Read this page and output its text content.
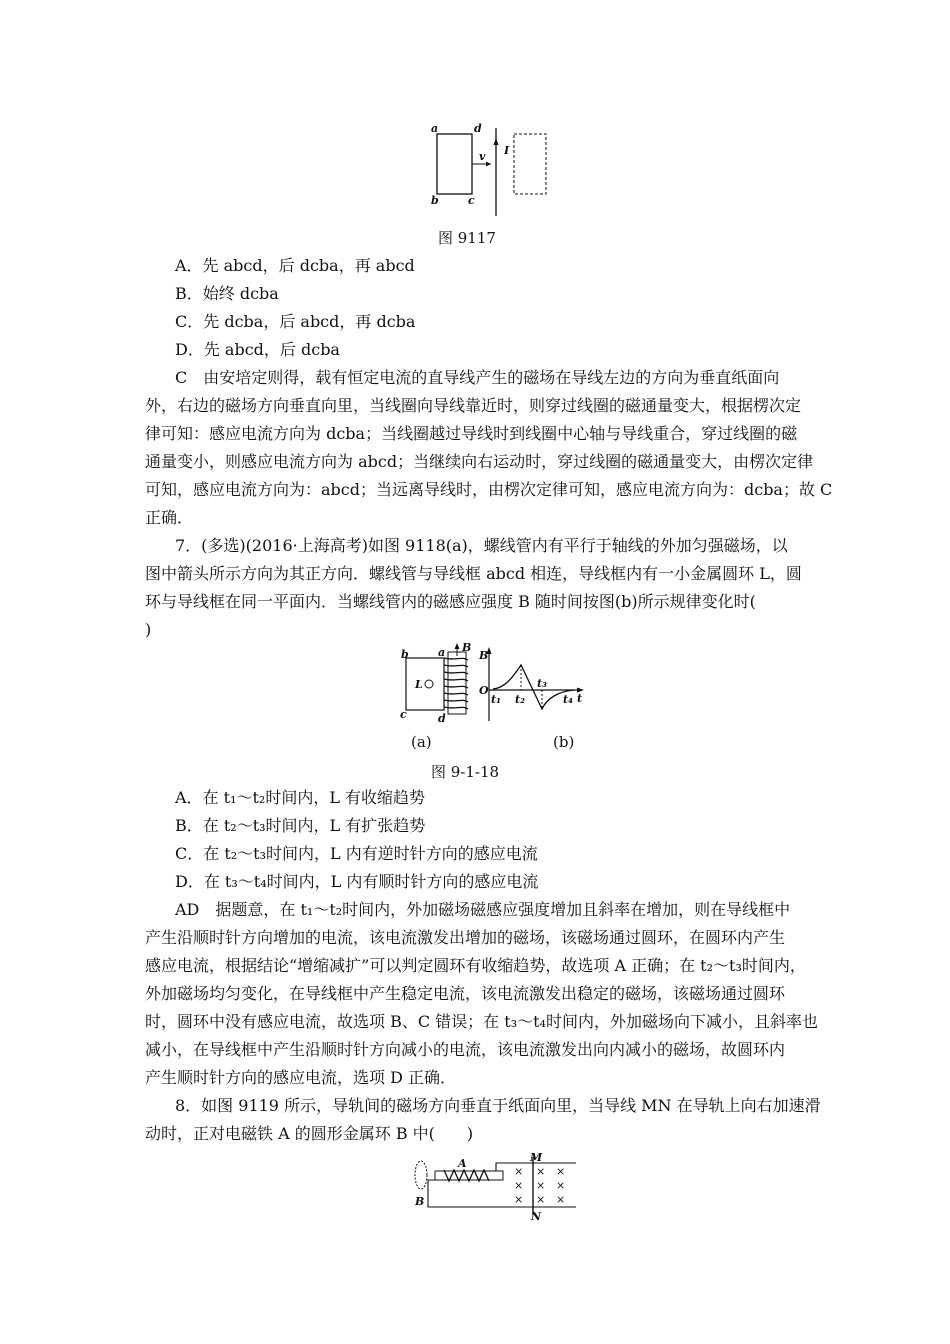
a	d
b	c
v I
图 9117
A．先 abcd，后 dcba，再 abcd
B．始终 dcba
C．先 dcba，后 abcd，再 dcba
D．先 abcd，后 dcba
C　由安培定则得，载有恒定电流的直导线产生的磁场在导线左边的方向为垂直纸面向
外，右边的磁场方向垂直向里，当线圈向导线靠近时，则穿过线圈的磁通量变大，根据楞次定
律可知：感应电流方向为 dcba；当线圈越过导线时到线圈中心轴与导线重合，穿过线圈的磁
通量变小，则感应电流方向为 abcd；当继续向右运动时，穿过线圈的磁通量变大，由楞次定律
可知，感应电流方向为：abcd；当远离导线时，由楞次定律可知，感应电流方向为：dcba；故 C
正确．
7．(多选)(2016·上海高考)如图 9118(a)，螺线管内有平行于轴线的外加匀强磁场，以
图中箭头所示方向为其正方向．螺线管与导线框 abcd 相连，导线框内有一小金属圆环 L，圆
环与导线框在同一平面内．当螺线管内的磁感应强度 B 随时间按图(b)所示规律变化时(
)
L
b	a
c	d
B
B
t
O
t₁ t₂
t₃
t₄
(a)	(b)
图 9-1-18
A．在 t₁～t₂时间内，L 有收缩趋势
B．在 t₂～t₃时间内，L 有扩张趋势
C．在 t₂～t₃时间内，L 内有逆时针方向的感应电流
D．在 t₃～t₄时间内，L 内有顺时针方向的感应电流
AD　据题意，在 t₁～t₂时间内，外加磁场磁感应强度增加且斜率在增加，则在导线框中
产生沿顺时针方向增加的电流，该电流激发出增加的磁场，该磁场通过圆环，在圆环内产生
感应电流，根据结论“增缩减扩”可以判定圆环有收缩趋势，故选项 A 正确；在 t₂～t₃时间内，
外加磁场均匀变化，在导线框中产生稳定电流，该电流激发出稳定的磁场，该磁场通过圆环
时，圆环中没有感应电流，故选项 B、C 错误；在 t₃～t₄时间内，外加磁场向下减小，且斜率也
减小，在导线框中产生沿顺时针方向减小的电流，该电流激发出向内减小的磁场，故圆环内
产生顺时针方向的感应电流，选项 D 正确．
8．如图 9119 所示，导轨间的磁场方向垂直于纸面向里，当导线 MN 在导轨上向右加速滑
动时，正对电磁铁 A 的圆形金属环 B 中(　　)
B
A	M
N
× × ×
× × ×
× × ×
